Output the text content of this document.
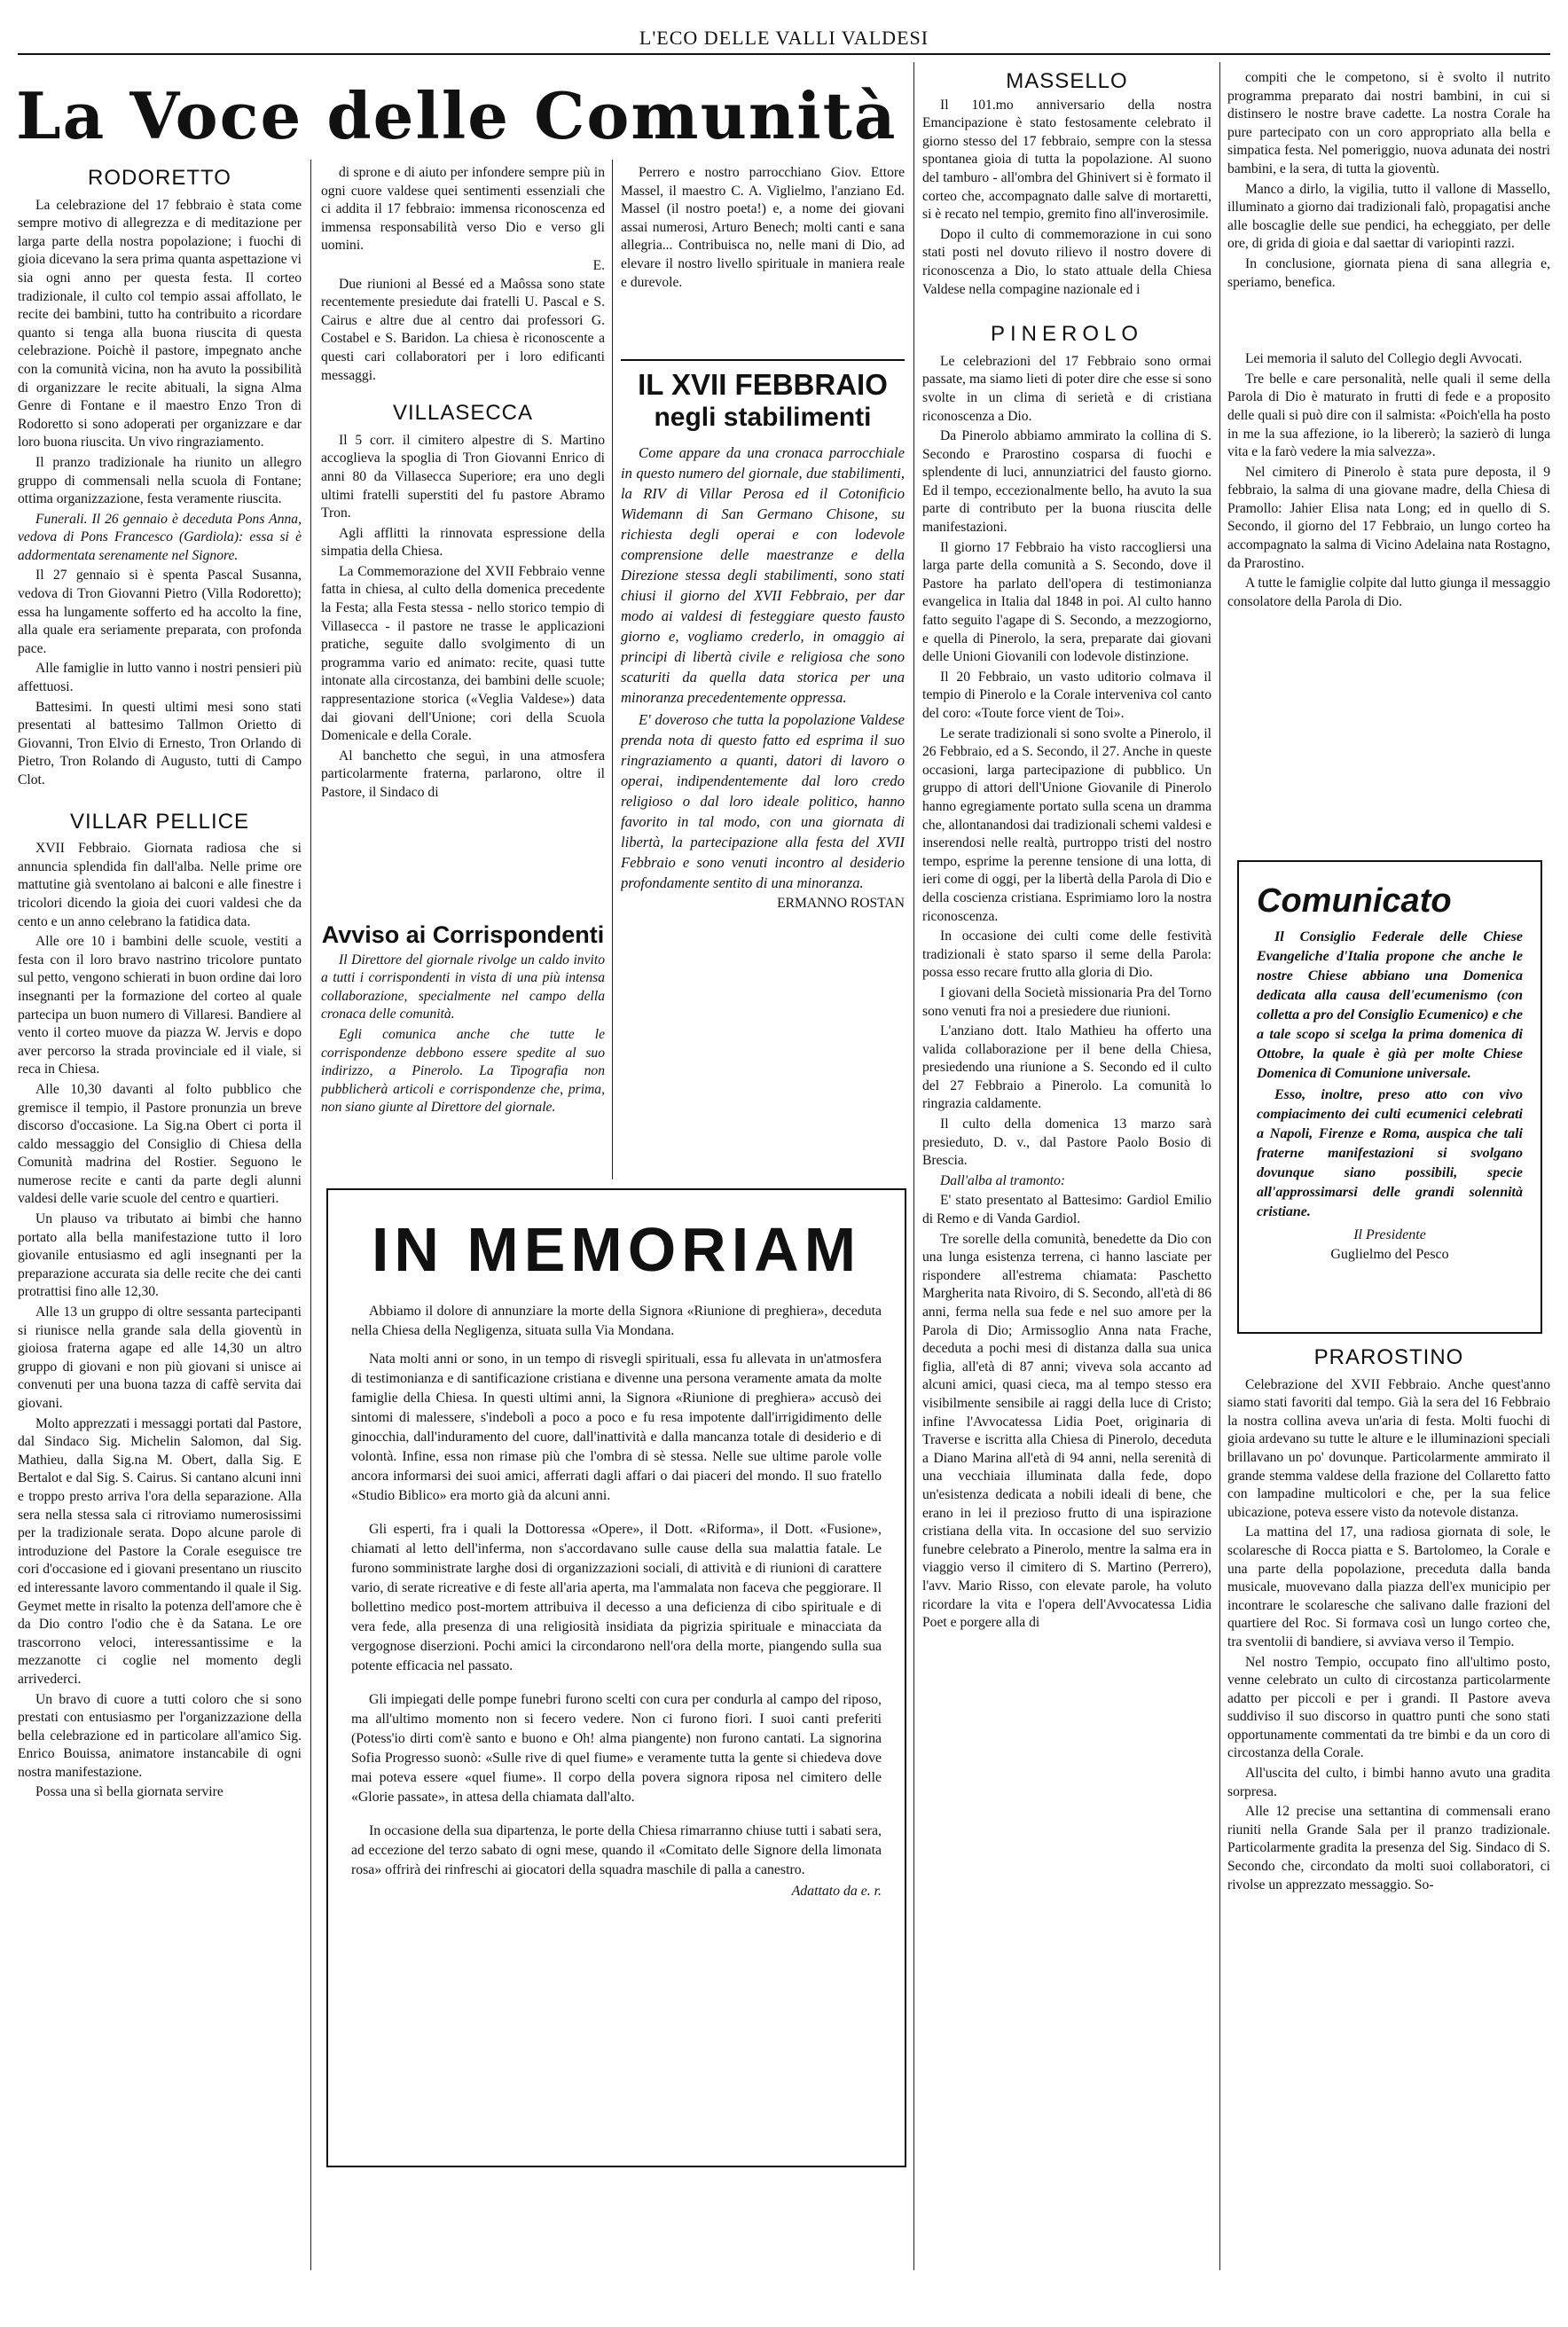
L'ECO DELLE VALLI VALDESI
La Voce delle Comunità
RODORETTO

La celebrazione del 17 febbraio è stata come sempre motivo di allegrezza e di meditazione per larga parte della nostra popolazione; i fuochi di gioia dicevano la sera prima quanta aspettazione vi sia ogni anno per questa festa. Il corteo tradizionale, il culto col tempio assai affollato, le recite dei bambini, tutto ha contribuito a ricordare quanto si tenga alla buona riuscita di questa celebrazione. Poichè il pastore, impegnato anche con la comunità vicina, non ha avuto la possibilità di organizzare le recite abituali, la signa Alma Genre di Fontane e il maestro Enzo Tron di Rodoretto si sono adoperati per organizzare e dar loro buona riuscita. Un vivo ringraziamento.

Il pranzo tradizionale ha riunito un allegro gruppo di commensali nella scuola di Fontane; ottima organizzazione, festa veramente riuscita.

Funerali. Il 26 gennaio è deceduta Pons Anna, vedova di Pons Francesco (Gardiola): essa si è addormentata serenamente nel Signore.

Il 27 gennaio si è spenta Pascal Susanna, vedova di Tron Giovanni Pietro (Villa Rodoretto); essa ha lungamente sofferto ed ha accolto la fine, alla quale era seriamente preparata, con profonda pace.

Alle famiglie in lutto vanno i nostri pensieri più affettuosi.

Battesimi. In questi ultimi mesi sono stati presentati al battesimo Tallmon Orietto di Giovanni, Tron Elvio di Ernesto, Tron Orlando di Pietro, Tron Rolando di Augusto, tutti di Campo Clot.

VILLAR PELLICE

XVII Febbraio. Giornata radiosa che si annuncia splendida fin dall'alba. Nelle prime ore mattutine già sventolano ai balconi e alle finestre i tricolori dicendo la gioia dei cuori valdesi che da cento e un anno celebrano la fatidica data.

Alle ore 10 i bambini delle scuole, vestiti a festa con il loro bravo nastrino tricolore puntato sul petto, vengono schierati in buon ordine dai loro insegnanti per la formazione del corteo al quale partecipa un buon numero di Villaresi. Bandiere al vento il corteo muove da piazza W. Jervis e dopo aver percorso la strada provinciale ed il viale, si reca in Chiesa.

Alle 10,30 davanti al folto pubblico che gremisce il tempio, il Pastore pronunzia un breve discorso d'occasione. La Sig.na Obert ci porta il caldo messaggio del Consiglio di Chiesa della Comunità madrina del Rostier. Seguono le numerose recite e canti da parte degli alunni valdesi delle varie scuole del centro e quartieri.

Un plauso va tributato ai bimbi che hanno portato alla bella manifestazione tutto il loro giovanile entusiasmo ed agli insegnanti per la preparazione accurata sia delle recite che dei canti protrattisi fino alle 12,30.

Alle 13 un gruppo di oltre sessanta partecipanti si riunisce nella grande sala della gioventù in gioiosa fraterna agape ed alle 14,30 un altro gruppo di giovani e non più giovani si unisce ai convenuti per una buona tazza di caffè servita dai giovani.

Molto apprezzati i messaggi portati dal Pastore, dal Sindaco Sig. Michelin Salomon, dal Sig. Mathieu, dalla Sig.na M. Obert, dalla Sig. E Bertalot e dal Sig. S. Cairus. Si cantano alcuni inni e troppo presto arriva l'ora della separazione. Alla sera nella stessa sala ci ritroviamo numerosissimi per la tradizionale serata. Dopo alcune parole di introduzione del Pastore la Corale eseguisce tre cori d'occasione ed i giovani presentano un riuscito ed interessante lavoro commentando il quale il Sig. Geymet mette in risalto la potenza dell'amore che è da Dio contro l'odio che è da Satana. Le ore trascorrono veloci, interessantissime e la mezzanotte ci coglie nel momento degli arrivederci.

Un bravo di cuore a tutti coloro che si sono prestati con entusiasmo per l'organizzazione della bella celebrazione ed in particolare all'amico Sig. Enrico Bouissa, animatore instancabile di ogni nostra manifestazione.

Possa una sì bella giornata servire

di sprone e di aiuto per infondere sempre più in ogni cuore valdese quei sentimenti essenziali che ci addita il 17 febbraio: immensa riconoscenza ed immensa responsabilità verso Dio e verso gli uomini.

E.

Due riunioni al Bessé ed a Maôssa sono state recentemente presiedute dai fratelli U. Pascal e S. Cairus e altre due al centro dai professori G. Costabel e S. Baridon. La chiesa è riconoscente a questi cari collaboratori per i loro edificanti messaggi.

VILLASECCA

Il 5 corr. il cimitero alpestre di S. Martino accoglieva la spoglia di Tron Giovanni Enrico di anni 80 da Villasecca Superiore; era uno degli ultimi fratelli superstiti del fu pastore Abramo Tron.

Agli afflitti la rinnovata espressione della simpatia della Chiesa.

La Commemorazione del XVII Febbraio venne fatta in chiesa, al culto della domenica precedente la Festa; alla Festa stessa - nello storico tempio di Villasecca - il pastore ne trasse le applicazioni pratiche, seguite dallo svolgimento di un programma vario ed animato: recite, quasi tutte intonate alla circostanza, dei bambini delle scuole; rappresentazione storica («Veglia Valdese») data dai giovani dell'Unione; cori della Scuola Domenicale e della Corale.

Al banchetto che seguì, in una atmosfera particolarmente fraterna, parlarono, oltre il Pastore, il Sindaco di

Avviso ai Corrispondenti

Il Direttore del giornale rivolge un caldo invito a tutti i corrispondenti in vista di una più intensa collaborazione, specialmente nel campo della cronaca delle comunità.

Egli comunica anche che tutte le corrispondenze debbono essere spedite al suo indirizzo, a Pinerolo. La Tipografia non pubblicherà articoli e corrispondenze che, prima, non siano giunte al Direttore del giornale.

Perrero e nostro parrocchiano Giov. Ettore Massel, il maestro C. A. Viglielmo, l'anziano Ed. Massel (il nostro poeta!) e, a nome dei giovani assai numerosi, Arturo Benech; molti canti e sana allegria... Contribuisca no, nelle mani di Dio, ad elevare il nostro livello spirituale in maniera reale e durevole.

IL XVII FEBBRAIO
negli stabilimenti

Come appare da una cronaca parrocchiale in questo numero del giornale, due stabilimenti, la RIV di Villar Perosa ed il Cotonificio Widemann di San Germano Chisone, su richiesta degli operai e con lodevole comprensione delle maestranze e della Direzione stessa degli stabilimenti, sono stati chiusi il giorno del XVII Febbraio, per dar modo ai valdesi di festeggiare questo fausto giorno e, vogliamo crederlo, in omaggio ai principi di libertà civile e religiosa che sono scaturiti da quella data storica per una minoranza precedentemente oppressa.

E' doveroso che tutta la popolazione Valdese prenda nota di questo fatto ed esprima il suo ringraziamento a quanti, datori di lavoro o operai, indipendentemente dal loro credo religioso o dal loro ideale politico, hanno favorito in tal modo, con una giornata di libertà, la partecipazione alla festa del XVII Febbraio e sono venuti incontro al desiderio profondamente sentito di una minoranza.

ERMANNO ROSTAN
IN MEMORIAM

Abbiamo il dolore di annunziare la morte della Signora «Riunione di preghiera», deceduta nella Chiesa della Negligenza, situata sulla Via Mondana.

Nata molti anni or sono, in un tempo di risvegli spirituali, essa fu allevata in un'atmosfera di testimonianza e di santificazione cristiana e divenne una persona veramente amata da molte famiglie della Chiesa. In questi ultimi anni, la Signora «Riunione di preghiera» accusò dei sintomi di malessere, s'indebolì a poco a poco e fu resa impotente dall'irrigidimento delle ginocchia, dall'induramento del cuore, dall'inattività e dalla mancanza totale di desiderio e di volontà. Infine, essa non rimase più che l'ombra di sè stessa. Nelle sue ultime parole volle ancora informarsi dei suoi amici, afferrati dagli affari o dai piaceri del mondo. Il suo fratello «Studio Biblico» era morto già da alcuni anni.

Gli esperti, fra i quali la Dottoressa «Opere», il Dott. «Riforma», il Dott. «Fusione», chiamati al letto dell'inferma, non s'accordavano sulle cause della sua malattia fatale. Le furono somministrate larghe dosi di organizzazioni sociali, di attività e di riunioni di carattere vario, di serate ricreative e di feste all'aria aperta, ma l'ammalata non faceva che peggiorare. Il bollettino medico post-mortem attribuiva il decesso a una deficienza di cibo spirituale e di vera fede, alla presenza di una religiosità insidiata da pigrizia spirituale e minacciata da vergognose diserzioni. Pochi amici la circondarono nell'ora della morte, piangendo sulla sua potente efficacia nel passato.

Gli impiegati delle pompe funebri furono scelti con cura per condurla al campo del riposo, ma all'ultimo momento non si fecero vedere. Non ci furono fiori. I suoi canti preferiti (Potess'io dirti com'è santo e buono e Oh! alma piangente) non furono cantati. La signorina Sofia Progresso suonò: «Sulle rive di quel fiume» e veramente tutta la gente si chiedeva dove mai poteva essere «quel fiume». Il corpo della povera signora riposa nel cimitero delle «Glorie passate», in attesa della chiamata dall'alto.

In occasione della sua dipartenza, le porte della Chiesa rimarranno chiuse tutti i sabati sera, ad eccezione del terzo sabato di ogni mese, quando il «Comitato delle Signore della limonata rosa» offrirà dei rinfreschi ai giocatori della squadra maschile di palla a canestro.

Adattato da e. r.
MASSELLO

Il 101.mo anniversario della nostra Emancipazione è stato festosamente celebrato il giorno stesso del 17 febbraio, sempre con la stessa spontanea gioia di tutta la popolazione. Al suono del tamburo - all'ombra del Ghinivert si è formato il corteo che, accompagnato dalle salve di mortaretti, si è recato nel tempio, gremito fino all'inverosimile.

Dopo il culto di commemorazione in cui sono stati posti nel dovuto rilievo il nostro dovere di riconoscenza a Dio, lo stato attuale della Chiesa Valdese nella compagine nazionale ed i

PINEROLO

Le celebrazioni del 17 Febbraio sono ormai passate, ma siamo lieti di poter dire che esse si sono svolte in un clima di serietà e di cristiana riconoscenza a Dio.

Da Pinerolo abbiamo ammirato la collina di S. Secondo e Prarostino cosparsa di fuochi e splendente di luci, annunziatrici del fausto giorno. Ed il tempo, eccezionalmente bello, ha avuto la sua parte di contributo per la buona riuscita delle manifestazioni.

Il giorno 17 Febbraio ha visto raccogliersi una larga parte della comunità a S. Secondo, dove il Pastore ha parlato dell'opera di testimonianza evangelica in Italia dal 1848 in poi. Al culto hanno fatto seguito l'agape di S. Secondo, a mezzogiorno, e quella di Pinerolo, la sera, preparate dai giovani delle Unioni Giovanili con lodevole distinzione.

Il 20 Febbraio, un vasto uditorio colmava il tempio di Pinerolo e la Corale interveniva col canto del coro: «Toute force vient de Toi».

Le serate tradizionali si sono svolte a Pinerolo, il 26 Febbraio, ed a S. Secondo, il 27. Anche in queste occasioni, larga partecipazione di pubblico. Un gruppo di attori dell'Unione Giovanile di Pinerolo hanno egregiamente portato sulla scena un dramma che, allontanandosi dai tradizionali schemi valdesi e inserendosi nelle realtà, purtroppo tristi del nostro tempo, esprime la perenne tensione di una lotta, di ieri come di oggi, per la libertà della Parola di Dio e della coscienza cristiana. Esprimiamo loro la nostra riconoscenza.

In occasione dei culti come delle festività tradizionali è stato sparso il seme della Parola: possa esso recare frutto alla gloria di Dio.

I giovani della Società missionaria Pra del Torno sono venuti fra noi a presiedere due riunioni.

L'anziano dott. Italo Mathieu ha offerto una valida collaborazione per il bene della Chiesa, presiedendo una riunione a S. Secondo ed il culto del 27 Febbraio a Pinerolo. La comunità lo ringrazia caldamente.

Il culto della domenica 13 marzo sarà presieduto, D. v., dal Pastore Paolo Bosio di Brescia.

Dall'alba al tramonto:

E' stato presentato al Battesimo: Gardiol Emilio di Remo e di Vanda Gardiol.

Tre sorelle della comunità, benedette da Dio con una lunga esistenza terrena, ci hanno lasciate per rispondere all'estrema chiamata: Paschetto Margherita nata Rivoiro, di S. Secondo, all'età di 86 anni, ferma nella sua fede e nel suo amore per la Parola di Dio; Armissoglio Anna nata Frache, deceduta a pochi mesi di distanza dalla sua unica figlia, all'età di 87 anni; viveva sola accanto ad alcuni amici, quasi cieca, ma al tempo stesso era visibilmente sensibile ai raggi della luce di Cristo; infine l'Avvocatessa Lidia Poet, originaria di Traverse e iscritta alla Chiesa di Pinerolo, deceduta a Diano Marina all'età di 94 anni, nella serenità di una vecchiaia illuminata dalla fede, dopo un'esistenza dedicata a nobili ideali di bene, che erano in lei il prezioso frutto di una ispirazione cristiana della vita. In occasione del suo servizio funebre celebrato a Pinerolo, mentre la salma era in viaggio verso il cimitero di S. Martino (Perrero), l'avv. Mario Risso, con elevate parole, ha voluto ricordare la vita e l'opera dell'Avvocatessa Lidia Poet e porgere alla di

compiti che le competono, si è svolto il nutrito programma preparato dai nostri bambini, in cui si distinsero le nostre brave cadette. La nostra Corale ha pure partecipato con un coro appropriato alla bella e simpatica festa. Nel pomeriggio, nuova adunata dei nostri bambini, e la sera, di tutta la gioventù.

Manco a dirlo, la vigilia, tutto il vallone di Massello, illuminato a giorno dai tradizionali falò, propagatisi anche alle boscaglie delle sue pendici, ha echeggiato, per delle ore, di grida di gioia e dal saettar di variopinti razzi.

In conclusione, giornata piena di sana allegria e, speriamo, benefica.

Lei memoria il saluto del Collegio degli Avvocati.

Tre belle e care personalità, nelle quali il seme della Parola di Dio è maturato in frutti di fede e a proposito delle quali si può dire con il salmista: «Poich'ella ha posto in me la sua affezione, io la libererò; la sazierò di lunga vita e la farò vedere la mia salvezza».

Nel cimitero di Pinerolo è stata pure deposta, il 9 febbraio, la salma di una giovane madre, della Chiesa di Pramollo: Jahier Elisa nata Long; ed in quello di S. Secondo, il giorno del 17 Febbraio, un lungo corteo ha accompagnato la salma di Vicino Adelaina nata Rostagno, da Prarostino.

A tutte le famiglie colpite dal lutto giunga il messaggio consolatore della Parola di Dio.

Comunicato

Il Consiglio Federale delle Chiese Evangeliche d'Italia propone che anche le nostre Chiese abbiano una Domenica dedicata alla causa dell'ecumenismo (con colletta a pro del Consiglio Ecumenico) e che a tale scopo si scelga la prima domenica di Ottobre, la quale è già per molte Chiese Domenica di Comunione universale.

Esso, inoltre, preso atto con vivo compiacimento dei culti ecumenici celebrati a Napoli, Firenze e Roma, auspica che tali fraterne manifestazioni si svolgano dovunque siano possibili, specie all'approssimarsi delle grandi solennità cristiane.

Il Presidente
Guglielmo del Pesco
PRAROSTINO

Celebrazione del XVII Febbraio. Anche quest'anno siamo stati favoriti dal tempo. Già la sera del 16 Febbraio la nostra collina aveva un'aria di festa. Molti fuochi di gioia ardevano su tutte le alture e le illuminazioni speciali brillavano un po' dovunque. Particolarmente ammirato il grande stemma valdese della frazione del Collaretto fatto con lampadine multicolori e che, per la sua felice ubicazione, poteva essere visto da notevole distanza.

La mattina del 17, una radiosa giornata di sole, le scolaresche di Rocca piatta e S. Bartolomeo, la Corale e una parte della popolazione, preceduta dalla banda musicale, muovevano dalla piazza dell'ex municipio per incontrare le scolaresche che salivano dalle frazioni del quartiere del Roc. Si formava così un lungo corteo che, tra sventolii di bandiere, si avviava verso il Tempio.

Nel nostro Tempio, occupato fino all'ultimo posto, venne celebrato un culto di circostanza particolarmente adatto per piccoli e per i grandi. Il Pastore aveva suddiviso il suo discorso in quattro punti che sono stati opportunamente commentati da tre bimbi e da un coro di circostanza della Corale.

All'uscita del culto, i bimbi hanno avuto una gradita sorpresa.

Alle 12 precise una settantina di commensali erano riuniti nella Grande Sala per il pranzo tradizionale. Particolarmente gradita la presenza del Sig. Sindaco di S. Secondo che, circondato da molti suoi collaboratori, ci rivolse un apprezzato messaggio. So-
